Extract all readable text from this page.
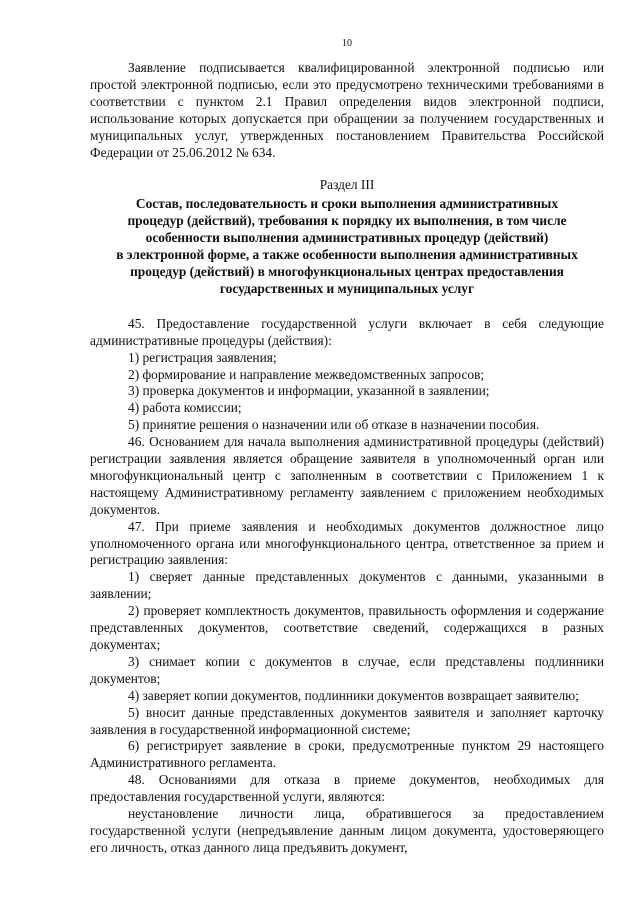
10

Заявление подписывается квалифицированной электронной подписью или простой электронной подписью, если это предусмотрено техническими требованиями в соответствии с пунктом 2.1 Правил определения видов электронной подписи, использование которых допускается при обращении за получением государственных и муниципальных услуг, утвержденных постановлением Правительства Российской Федерации от 25.06.2012 № 634.

Раздел III
Состав, последовательность и сроки выполнения административных
процедур (действий), требования к порядку их выполнения, в том числе
особенности выполнения административных процедур (действий)
в электронной форме, а также особенности выполнения административных
процедур (действий) в многофункциональных центрах предоставления
государственных и муниципальных услуг

45. Предоставление государственной услуги включает в себя следующие административные процедуры (действия):

1) регистрация заявления;

2) формирование и направление межведомственных запросов;

3) проверка документов и информации, указанной в заявлении;

4) работа комиссии;

5) принятие решения о назначении или об отказе в назначении пособия.

46. Основанием для начала выполнения административной процедуры (действий) регистрации заявления является обращение заявителя в уполномоченный орган или многофункциональный центр с заполненным в соответствии с Приложением 1 к настоящему Административному регламенту заявлением с приложением необходимых документов.

47. При приеме заявления и необходимых документов должностное лицо уполномоченного органа или многофункционального центра, ответственное за прием и регистрацию заявления:

1) сверяет данные представленных документов с данными, указанными в заявлении;

2) проверяет комплектность документов, правильность оформления и содержание представленных документов, соответствие сведений, содержащихся в разных документах;

3) снимает копии с документов в случае, если представлены подлинники документов;

4) заверяет копии документов, подлинники документов возвращает заявителю;

5) вносит данные представленных документов заявителя и заполняет карточку заявления в государственной информационной системе;

6) регистрирует заявление в сроки, предусмотренные пунктом 29 настоящего Административного регламента.

48. Основаниями для отказа в приеме документов, необходимых для предоставления государственной услуги, являются:

неустановление личности лица, обратившегося за предоставлением государственной услуги (непредъявление данным лицом документа, удостоверяющего его личность, отказ данного лица предъявить документ,
